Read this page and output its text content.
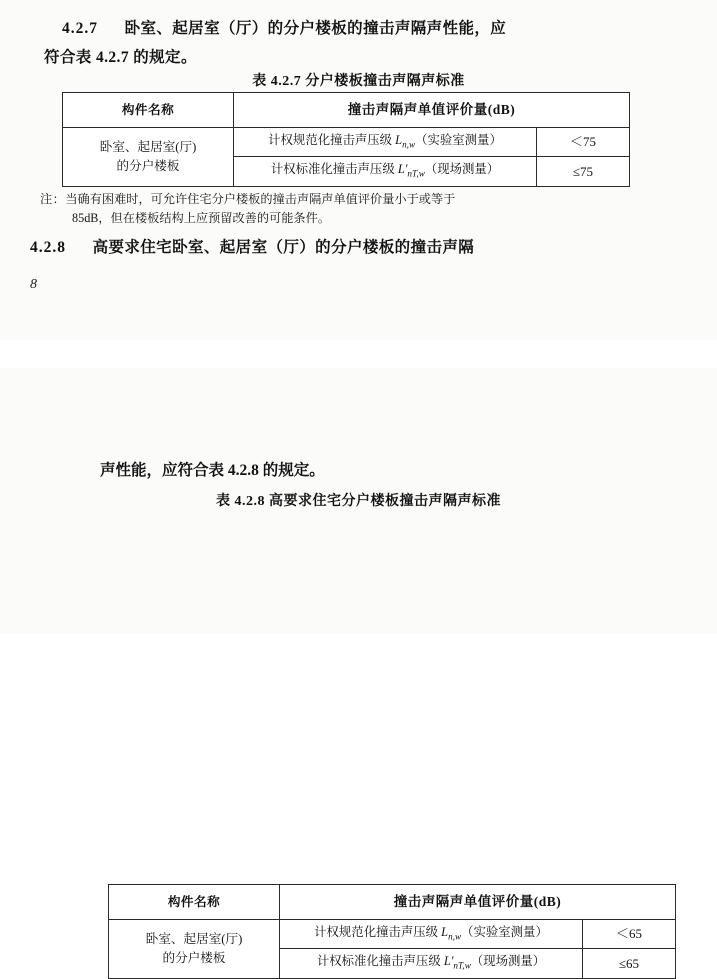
4.2.7 卧室、起居室（厅）的分户楼板的撞击声隔声性能，应
符合表 4.2.7 的规定。
表 4.2.7 分户楼板撞击声隔声标准
构件名称	撞击声隔声单值评价量(dB)	

卧室、起居室(厅)
的分户楼板	计权规范化撞击声压级 $L_{n,w}$（实验室测量）	＜75
	计权标准化撞击声压级 $L'_{nT,w}$（现场测量）	≤75
注：当确有困难时，可允许住宅分户楼板的撞击声隔声单值评价量小于或等于
85dB，但在楼板结构上应预留改善的可能条件。
4.2.8 高要求住宅卧室、起居室（厅）的分户楼板的撞击声隔
8
声性能，应符合表 4.2.8 的规定。
表 4.2.8 高要求住宅分户楼板撞击声隔声标准
构件名称	撞击声隔声单值评价量(dB)	

卧室、起居室(厅)
的分户楼板	计权规范化撞击声压级 $L_{n,w}$（实验室测量）	＜65
	计权标准化撞击声压级 $L'_{nT,w}$（现场测量）	≤65
